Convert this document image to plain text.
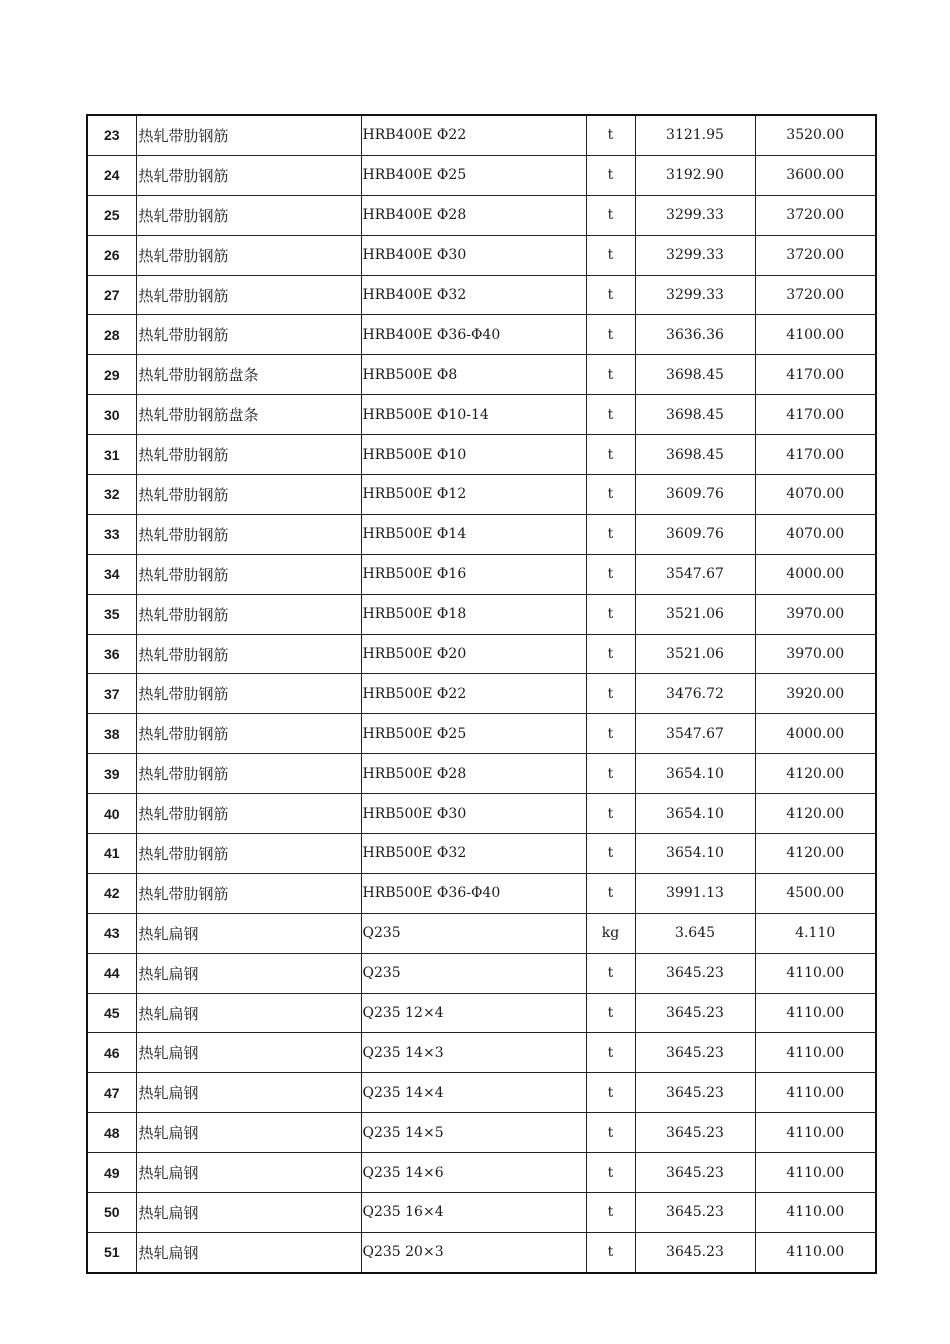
23	热轧带肋钢筋	HRB400E Φ22	t	3121.95	3520.00
24	热轧带肋钢筋	HRB400E Φ25	t	3192.90	3600.00
25	热轧带肋钢筋	HRB400E Φ28	t	3299.33	3720.00
26	热轧带肋钢筋	HRB400E Φ30	t	3299.33	3720.00
27	热轧带肋钢筋	HRB400E Φ32	t	3299.33	3720.00
28	热轧带肋钢筋	HRB400E Φ36-Φ40	t	3636.36	4100.00
29	热轧带肋钢筋盘条	HRB500E Φ8	t	3698.45	4170.00
30	热轧带肋钢筋盘条	HRB500E Φ10-14	t	3698.45	4170.00
31	热轧带肋钢筋	HRB500E Φ10	t	3698.45	4170.00
32	热轧带肋钢筋	HRB500E Φ12	t	3609.76	4070.00
33	热轧带肋钢筋	HRB500E Φ14	t	3609.76	4070.00
34	热轧带肋钢筋	HRB500E Φ16	t	3547.67	4000.00
35	热轧带肋钢筋	HRB500E Φ18	t	3521.06	3970.00
36	热轧带肋钢筋	HRB500E Φ20	t	3521.06	3970.00
37	热轧带肋钢筋	HRB500E Φ22	t	3476.72	3920.00
38	热轧带肋钢筋	HRB500E Φ25	t	3547.67	4000.00
39	热轧带肋钢筋	HRB500E Φ28	t	3654.10	4120.00
40	热轧带肋钢筋	HRB500E Φ30	t	3654.10	4120.00
41	热轧带肋钢筋	HRB500E Φ32	t	3654.10	4120.00
42	热轧带肋钢筋	HRB500E Φ36-Φ40	t	3991.13	4500.00
43	热轧扁钢	Q235	kg	3.645	4.110
44	热轧扁钢	Q235	t	3645.23	4110.00
45	热轧扁钢	Q235 12×4	t	3645.23	4110.00
46	热轧扁钢	Q235 14×3	t	3645.23	4110.00
47	热轧扁钢	Q235 14×4	t	3645.23	4110.00
48	热轧扁钢	Q235 14×5	t	3645.23	4110.00
49	热轧扁钢	Q235 14×6	t	3645.23	4110.00
50	热轧扁钢	Q235 16×4	t	3645.23	4110.00
51	热轧扁钢	Q235 20×3	t	3645.23	4110.00
